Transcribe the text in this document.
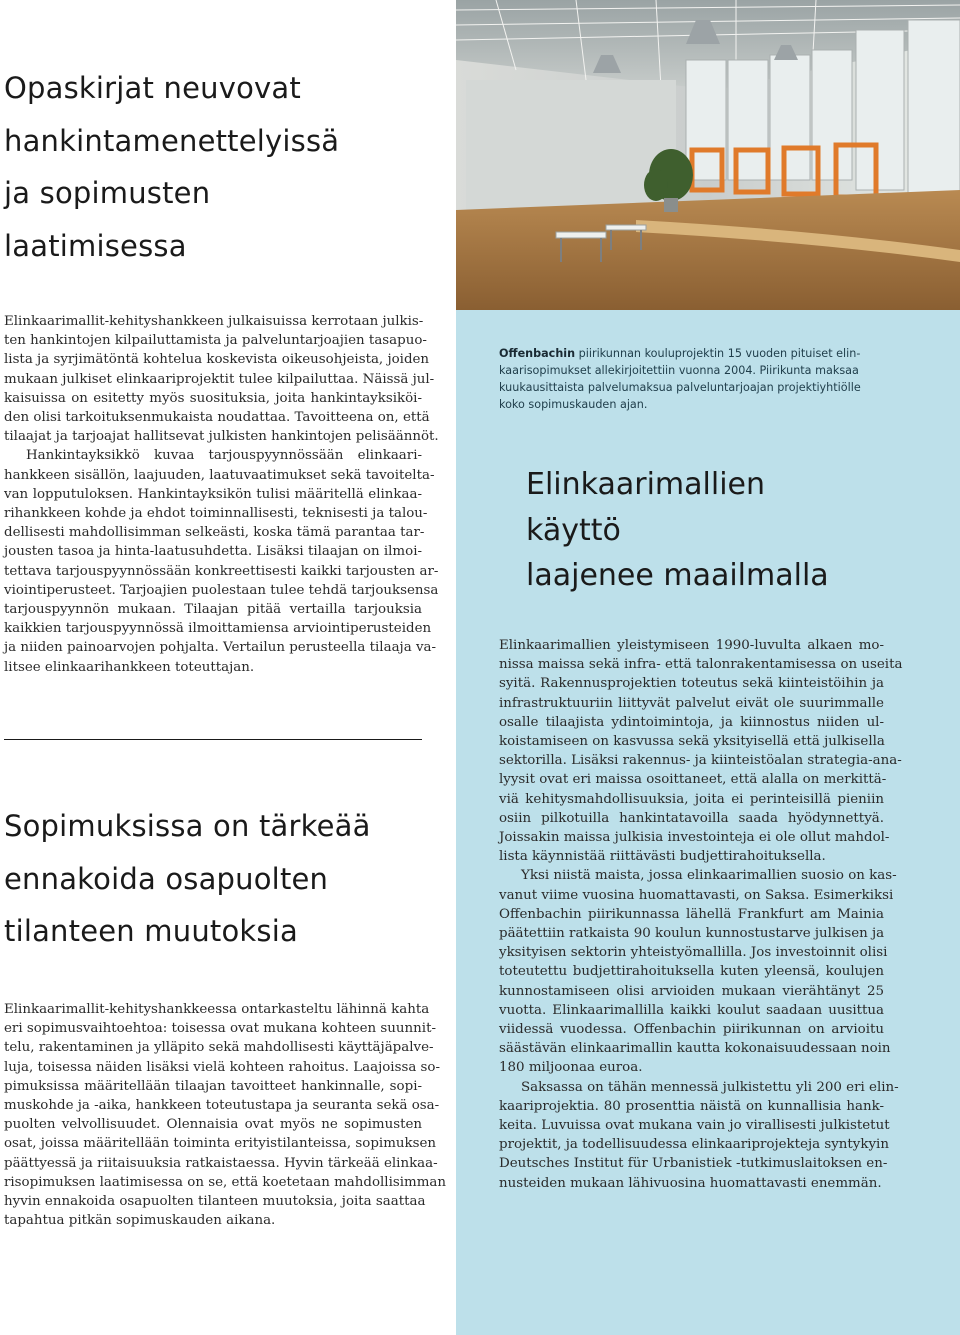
Opaskirjat neuvovat
hankintamenettelyissä
ja sopimusten
laatimisessa

Elinkaarimallit-kehityshankkeen julkaisuissa kerrotaan julkis-
ten hankintojen kilpailuttamista ja palveluntarjoajien tasapuo-
lista ja syrjimätöntä kohtelua koskevista oikeusohjeista, joiden
mukaan julkiset elinkaariprojektit tulee kilpailuttaa. Näissä jul-
kaisuissa on esitetty myös suosituksia, joita hankintayksiköi-
den olisi tarkoituksenmukaista noudattaa. Tavoitteena on, että
tilaajat ja tarjoajat hallitsevat julkisten hankintojen pelisäännöt.
Hankintayksikkö kuvaa tarjouspyynnössään elinkaari-
hankkeen sisällön, laajuuden, laatuvaatimukset sekä tavoitelta-
van lopputuloksen. Hankintayksikön tulisi määritellä elinkaa-
rihankkeen kohde ja ehdot toiminnallisesti, teknisesti ja talou-
dellisesti mahdollisimman selkeästi, koska tämä parantaa tar-
jousten tasoa ja hinta-laatusuhdetta. Lisäksi tilaajan on ilmoi-
tettava tarjouspyynnössään konkreettisesti kaikki tarjousten ar-
viointiperusteet. Tarjoajien puolestaan tulee tehdä tarjouksensa
tarjouspyynnön mukaan. Tilaajan pitää vertailla tarjouksia
kaikkien tarjouspyynnössä ilmoittamiensa arviointiperusteiden
ja niiden painoarvojen pohjalta. Vertailun perusteella tilaaja va-
litsee elinkaarihankkeen toteuttajan.

Sopimuksissa on tärkeää
ennakoida osapuolten
tilanteen muutoksia

Elinkaarimallit-kehityshankkeessa ontarkasteltu lähinnä kahta
eri sopimusvaihtoehtoa: toisessa ovat mukana kohteen suunnit-
telu, rakentaminen ja ylläpito sekä mahdollisesti käyttäjäpalve-
luja, toisessa näiden lisäksi vielä kohteen rahoitus. Laajoissa so-
pimuksissa määritellään tilaajan tavoitteet hankinnalle, sopi-
muskohde ja -aika, hankkeen toteutustapa ja seuranta sekä osa-
puolten velvollisuudet. Olennaisia ovat myös ne sopimusten
osat, joissa määritellään toiminta erityistilanteissa, sopimuksen
päättyessä ja riitaisuuksia ratkaistaessa. Hyvin tärkeää elinkaa-
risopimuksen laatimisessa on se, että koetetaan mahdollisimman
hyvin ennakoida osapuolten tilanteen muutoksia, joita saattaa
tapahtua pitkän sopimuskauden aikana.

Offenbachin piirikunnan kouluprojektin 15 vuoden pituiset elin-
kaarisopimukset allekirjoitettiin vuonna 2004. Piirikunta maksaa
kuukausittaista palvelumaksua palveluntarjoajan projektiyhtiölle
koko sopimuskauden ajan.

Elinkaarimallien
käyttö
laajenee maailmalla

Elinkaarimallien yleistymiseen 1990-luvulta alkaen mo-
nissa maissa sekä infra- että talonrakentamisessa on useita
syitä. Rakennusprojektien toteutus sekä kiinteistöihin ja
infrastruktuuriin liittyvät palvelut eivät ole suurimmalle
osalle tilaajista ydintoimintoja, ja kiinnostus niiden ul-
koistamiseen on kasvussa sekä yksityisellä että julkisella
sektorilla. Lisäksi rakennus- ja kiinteistöalan strategia-ana-
lyysit ovat eri maissa osoittaneet, että alalla on merkittä-
viä kehitysmahdollisuuksia, joita ei perinteisillä pieniin
osiin pilkotuilla hankintatavoilla saada hyödynnettyä.
Joissakin maissa julkisia investointeja ei ole ollut mahdol-
lista käynnistää riittävästi budjettirahoituksella.
Yksi niistä maista, jossa elinkaarimallien suosio on kas-
vanut viime vuosina huomattavasti, on Saksa. Esimerkiksi
Offenbachin piirikunnassa lähellä Frankfurt am Mainia
päätettiin ratkaista 90 koulun kunnostustarve julkisen ja
yksityisen sektorin yhteistyömallilla. Jos investoinnit olisi
toteutettu budjettirahoituksella kuten yleensä, koulujen
kunnostamiseen olisi arvioiden mukaan vierähtänyt 25
vuotta. Elinkaarimallilla kaikki koulut saadaan uusittua
viidessä vuodessa. Offenbachin piirikunnan on arvioitu
säästävän elinkaarimallin kautta kokonaisuudessaan noin
180 miljoonaa euroa.
Saksassa on tähän mennessä julkistettu yli 200 eri elin-
kaariprojektia. 80 prosenttia näistä on kunnallisia hank-
keita. Luvuissa ovat mukana vain jo virallisesti julkistetut
projektit, ja todellisuudessa elinkaariprojekteja syntykyin
Deutsches Institut für Urbanistiek -tutkimuslaitoksen en-
nusteiden mukaan lähivuosina huomattavasti enemmän.
